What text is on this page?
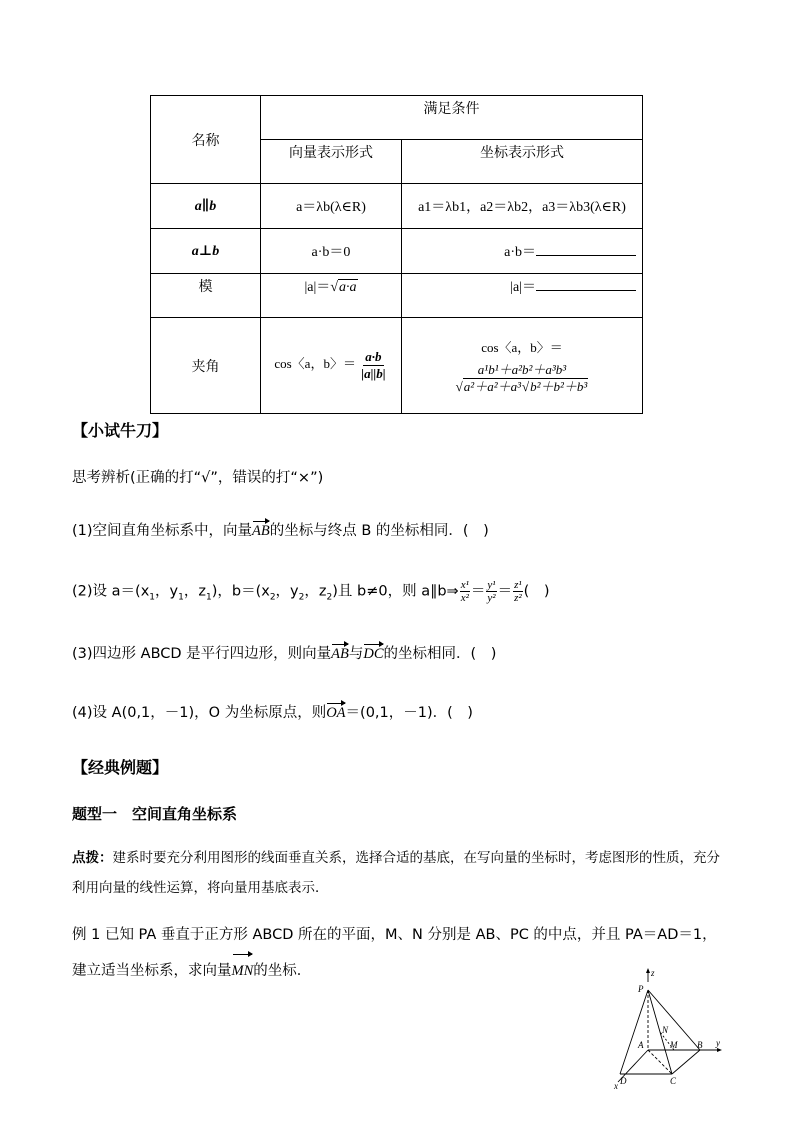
名称	满足条件	
	向量表示形式	坐标表示形式
a∥b	a＝λb(λ∈R)	a1＝λb1，a2＝λb2，a3＝λb3(λ∈R)
a⊥b	a·b＝0	a·b＝
模	|a|＝√a·a	|a|＝
夹角	cos〈a，b〉＝ $\frac{a\cdot b}{|a||b|}$	cos〈a，b〉＝
$\frac{\text{a¹b¹＋a²b²＋a³b³}}{\text{√a²＋a²＋a³√b²＋b²＋b³}}$
【小试牛刀】
思考辨析(正确的打“√”，错误的打“×”)
(1)空间直角坐标系中，向量AB的坐标与终点 B 的坐标相同．(　)
(2)设 $a=(x_1$，$y_1$，$z_1$)，$b=(x_2$，$y_2$，$z_2$)且 b≠0，则 a∥b⇒ $\frac{\text{x¹}}{\text{x²}} = \frac{\text{y¹}}{\text{y²}} = \frac{\text{z¹}}{\text{z²}}$ (　)
(3)四边形 ABCD 是平行四边形，则向量AB与DC的坐标相同．(　)
(4)设 A(0,1，－1)，O 为坐标原点，则OA＝(0,1，－1)．(　)
【经典例题】
题型一　空间直角坐标系
点拨：建系时要充分利用图形的线面垂直关系，选择合适的基底，在写向量的坐标时，考虑图形的性质，充分利用向量的线性运算，将向量用基底表示．
例 1 已知 PA 垂直于正方形 ABCD 所在的平面，M、N 分别是 AB、PC 的中点，并且 PA＝AD＝1，建立适当坐标系，求向量MN的坐标．	z
P
N
A	M B y
D	C
x
